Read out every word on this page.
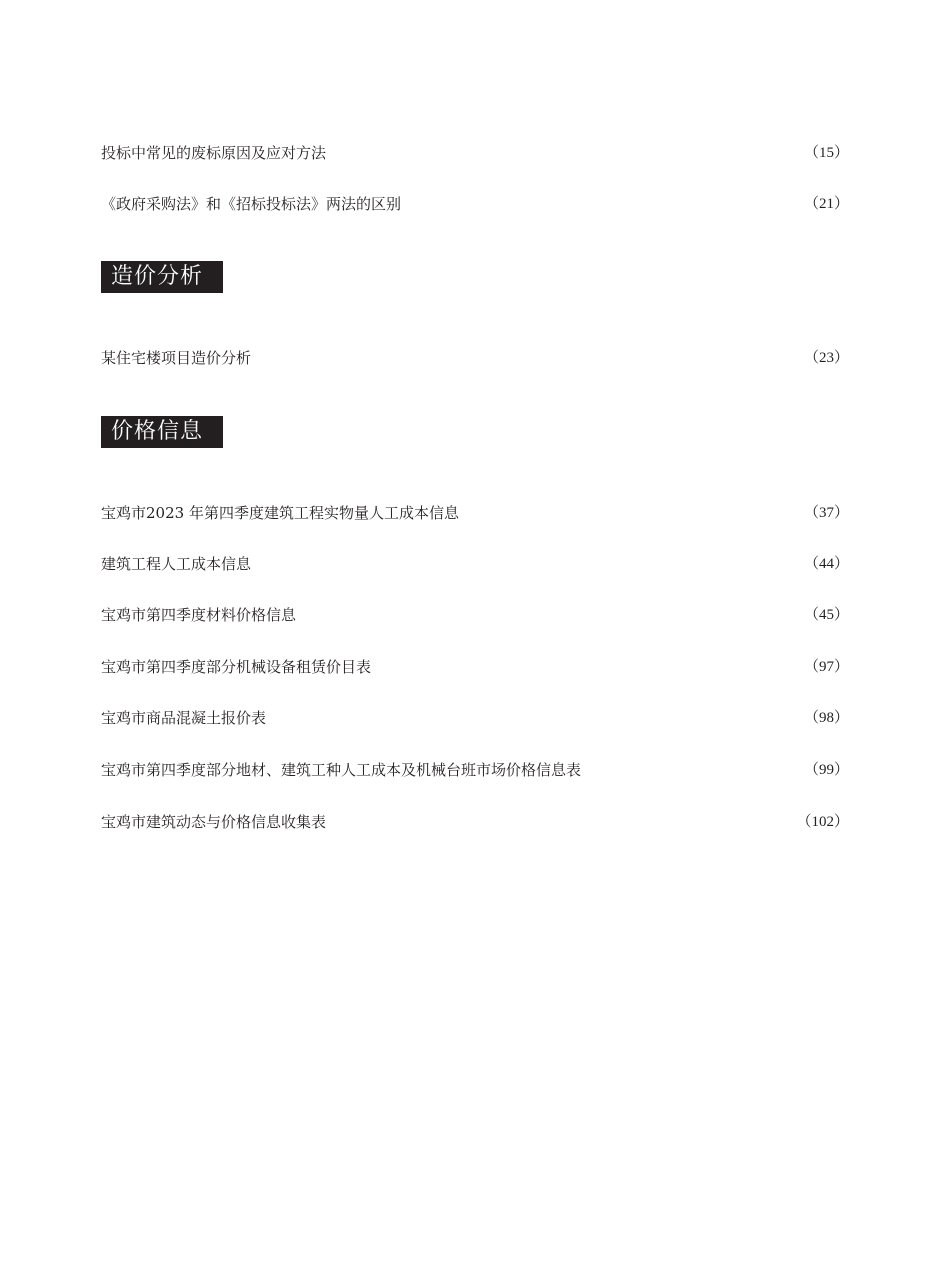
投标中常见的废标原因及应对方法	（15）
《政府采购法》和《招标投标法》两法的区别	（21）
造价分析
某住宅楼项目造价分析	（23）
价格信息
宝鸡市2023 年第四季度建筑工程实物量人工成本信息	（37）
建筑工程人工成本信息	（44）
宝鸡市第四季度材料价格信息	（45）
宝鸡市第四季度部分机械设备租赁价目表	（97）
宝鸡市商品混凝土报价表	（98）
宝鸡市第四季度部分地材、建筑工种人工成本及机械台班市场价格信息表	（99）
宝鸡市建筑动态与价格信息收集表	（102）
